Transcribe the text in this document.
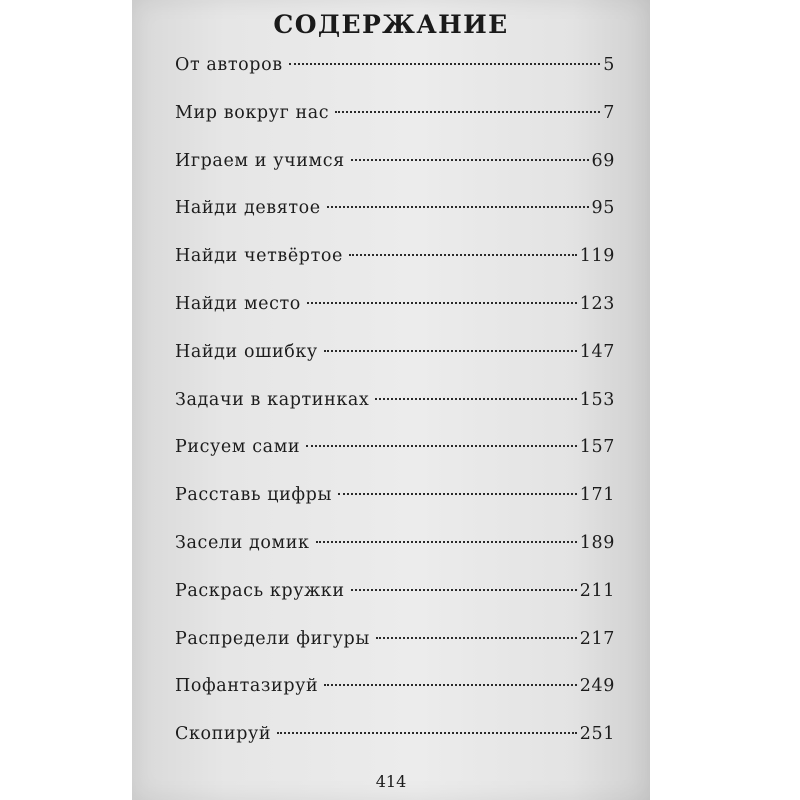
СОДЕРЖАНИЕ
От авторов	5
Мир вокруг нас	7
Играем и учимся	69
Найди девятое	95
Найди четвёртое	119
Найди место	123
Найди ошибку	147
Задачи в картинках	153
Рисуем сами	157
Расставь цифры	171
Засели домик	189
Раскрась кружки	211
Распредели фигуры	217
Пофантазируй	249
Скопируй	251
414
